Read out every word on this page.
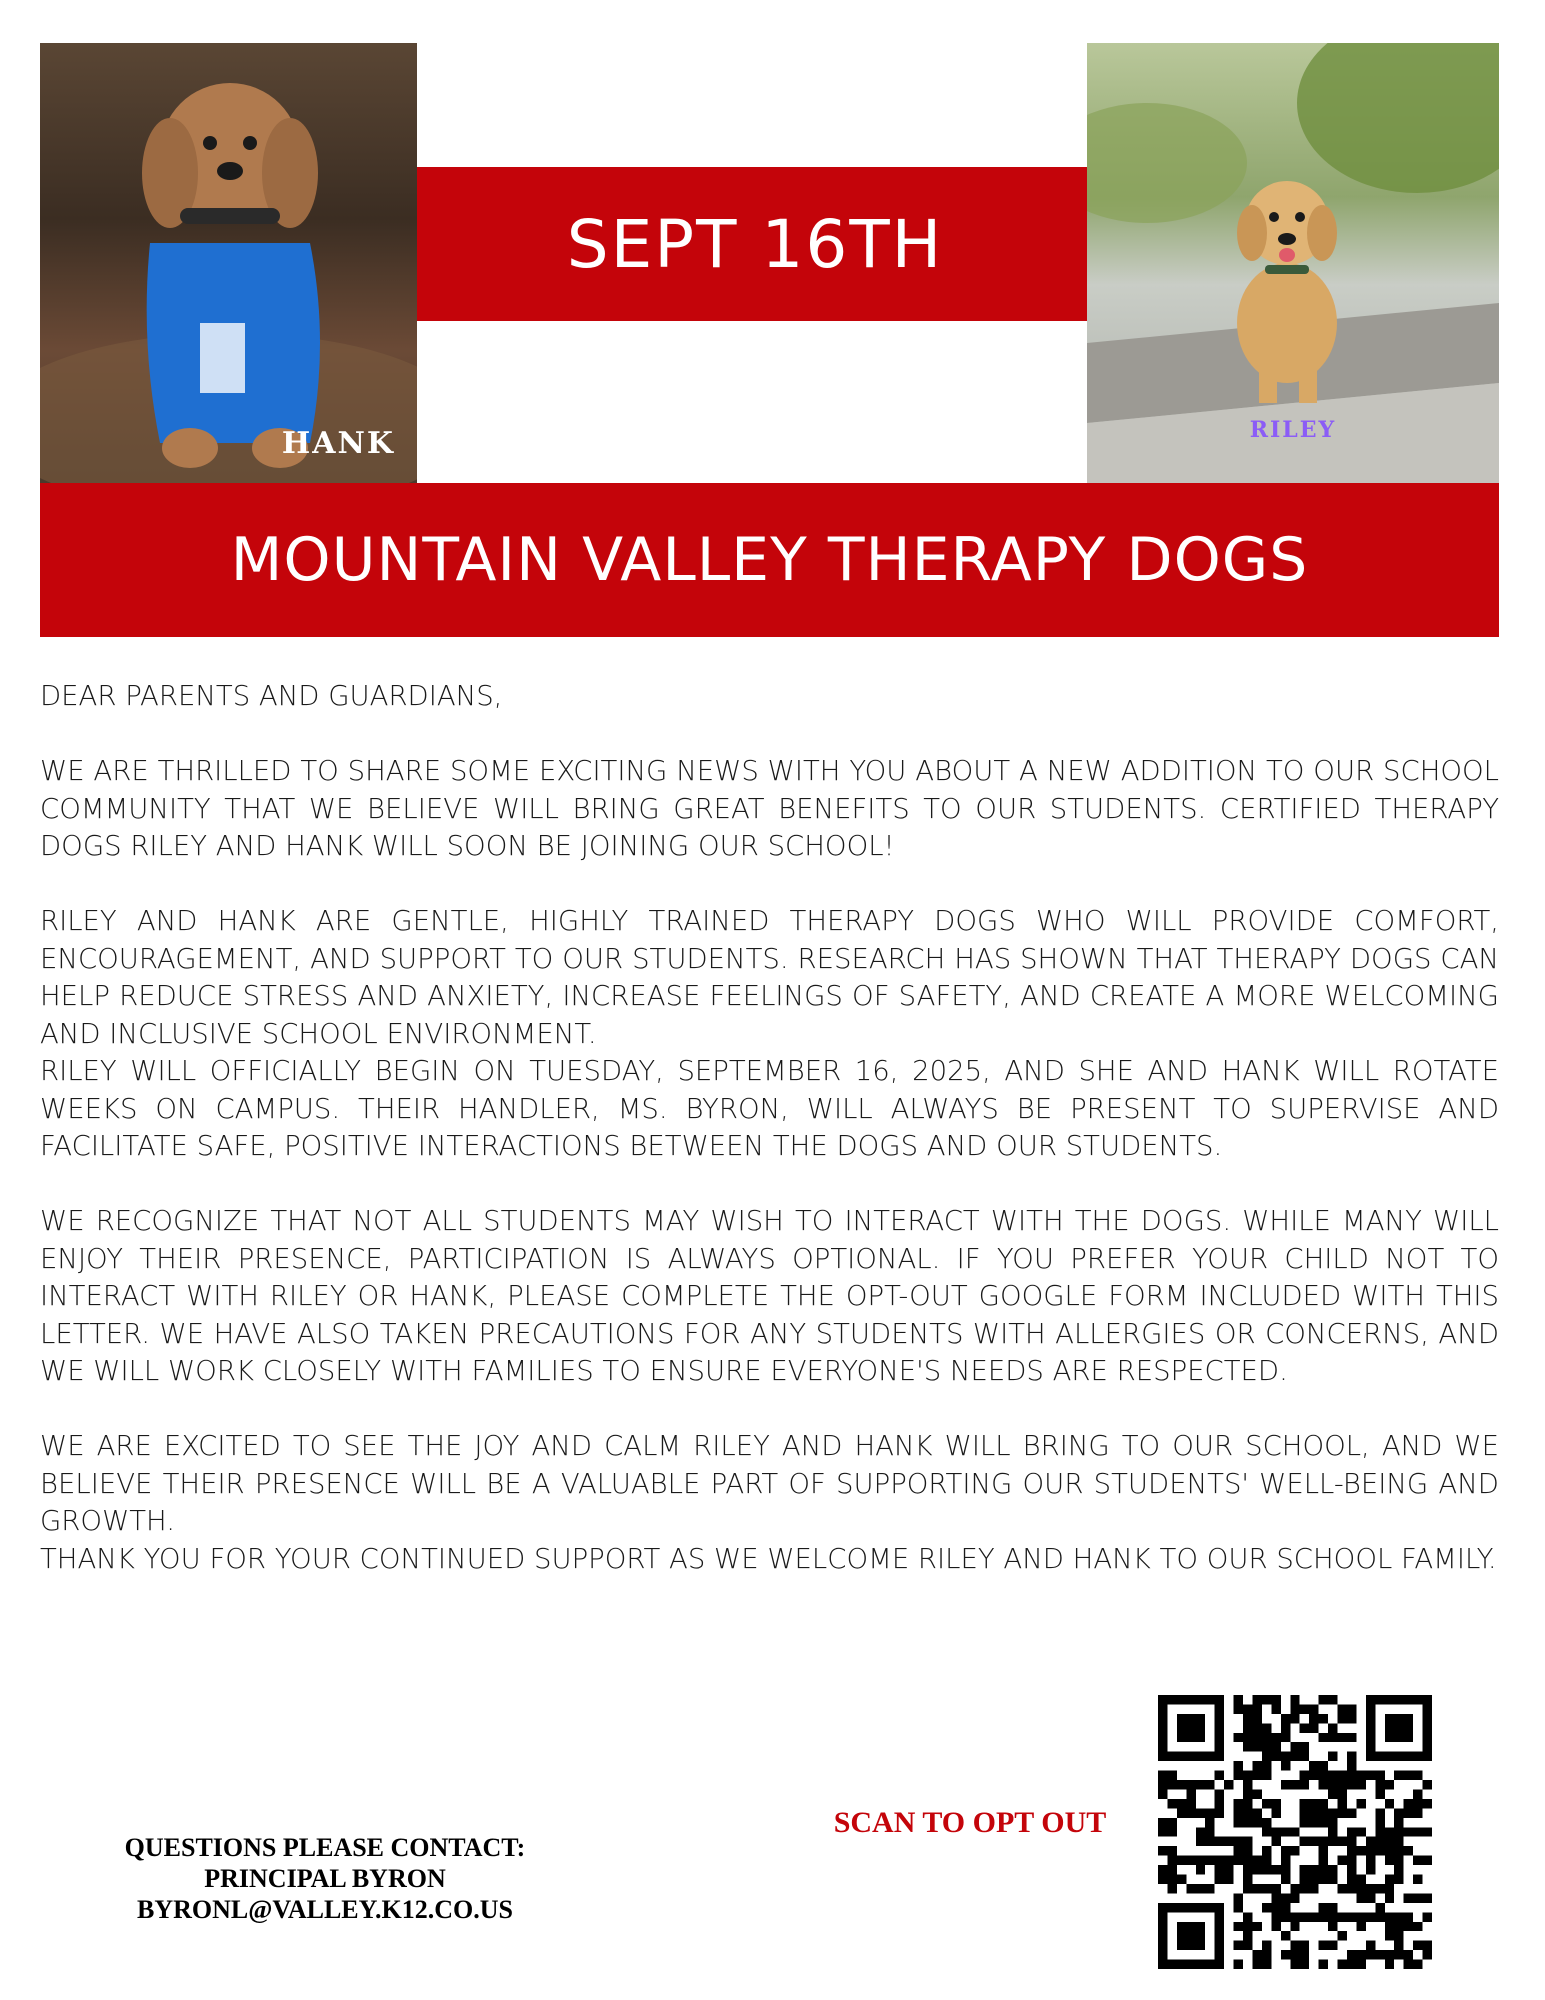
HANK
SEPT 16TH
RILEY
MOUNTAIN VALLEY THERAPY DOGS

DEAR PARENTS AND GUARDIANS,

WE ARE THRILLED TO SHARE SOME EXCITING NEWS WITH YOU ABOUT A NEW ADDITION TO OUR SCHOOL COMMUNITY THAT WE BELIEVE WILL BRING GREAT BENEFITS TO OUR STUDENTS. CERTIFIED THERAPY DOGS RILEY AND HANK WILL SOON BE JOINING OUR SCHOOL!

RILEY AND HANK ARE GENTLE, HIGHLY TRAINED THERAPY DOGS WHO WILL PROVIDE COMFORT, ENCOURAGEMENT, AND SUPPORT TO OUR STUDENTS. RESEARCH HAS SHOWN THAT THERAPY DOGS CAN HELP REDUCE STRESS AND ANXIETY, INCREASE FEELINGS OF SAFETY, AND CREATE A MORE WELCOMING AND INCLUSIVE SCHOOL ENVIRONMENT.

RILEY WILL OFFICIALLY BEGIN ON TUESDAY, SEPTEMBER 16, 2025, AND SHE AND HANK WILL ROTATE WEEKS ON CAMPUS. THEIR HANDLER, MS. BYRON, WILL ALWAYS BE PRESENT TO SUPERVISE AND FACILITATE SAFE, POSITIVE INTERACTIONS BETWEEN THE DOGS AND OUR STUDENTS.

WE RECOGNIZE THAT NOT ALL STUDENTS MAY WISH TO INTERACT WITH THE DOGS. WHILE MANY WILL ENJOY THEIR PRESENCE, PARTICIPATION IS ALWAYS OPTIONAL. IF YOU PREFER YOUR CHILD NOT TO INTERACT WITH RILEY OR HANK, PLEASE COMPLETE THE OPT-OUT GOOGLE FORM INCLUDED WITH THIS LETTER. WE HAVE ALSO TAKEN PRECAUTIONS FOR ANY STUDENTS WITH ALLERGIES OR CONCERNS, AND WE WILL WORK CLOSELY WITH FAMILIES TO ENSURE EVERYONE'S NEEDS ARE RESPECTED.

WE ARE EXCITED TO SEE THE JOY AND CALM RILEY AND HANK WILL BRING TO OUR SCHOOL, AND WE BELIEVE THEIR PRESENCE WILL BE A VALUABLE PART OF SUPPORTING OUR STUDENTS' WELL-BEING AND GROWTH.

THANK YOU FOR YOUR CONTINUED SUPPORT AS WE WELCOME RILEY AND HANK TO OUR SCHOOL FAMILY.

QUESTIONS PLEASE CONTACT:
PRINCIPAL BYRON
BYRONL@VALLEY.K12.CO.US
SCAN TO OPT OUT
